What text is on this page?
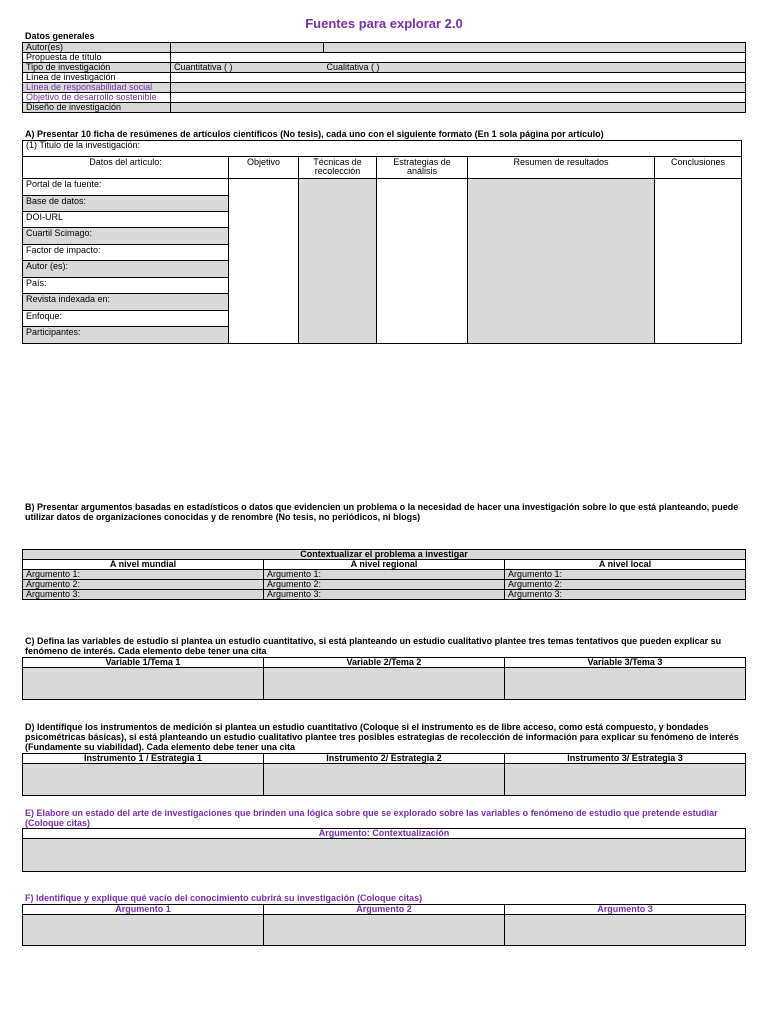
Fuentes para explorar 2.0
Datos generales
Autor(es)		
Propuesta de título		
Tipo de investigación	Cuantitativa ( )	Cualitativa ( )
Línea de investigación		
Línea de responsabilidad social		
Objetivo de desarrollo sostenible		
Diseño de investigación		
A) Presentar 10 ficha de resúmenes de artículos científicos (No tesis), cada uno con el siguiente formato (En 1 sola página por artículo)
(1) Titulo de la investigación:					
Datos del artículo:	Objetivo	Técnicas de recolección	Estrategias de análisis	Resumen de resultados	Conclusiones
Portal de la fuente:					
Base de datos:					
DOI-URL					
Cuartil Scimago:					
Factor de impacto:					
Autor (es):					
País:					
Revista indexada en:					
Enfoque:					
Participantes:					
B) Presentar argumentos basadas en estadísticos o datos que evidencien un problema o la necesidad de hacer una investigación sobre lo que está planteando, puede utilizar datos de organizaciones conocidas y de renombre (No tesis, no periódicos, ni blogs)
Contextualizar el problema a investigar		
A nivel mundial	A nivel regional	A nivel local
Argumento 1:	Argumento 1:	Argumento 1:
Argumento 2:	Argumento 2:	Argumento 2:
Argumento 3:	Argumento 3:	Argumento 3:
C) Defina las variables de estudio si plantea un estudio cuantitativo, si está planteando un estudio cualitativo plantee tres temas tentativos que pueden explicar su fenómeno de interés. Cada elemento debe tener una cita
Variable 1/Tema 1	Variable 2/Tema 2	Variable 3/Tema 3

D) Identifique los instrumentos de medición si plantea un estudio cuantitativo (Coloque si el instrumento es de libre acceso, como está compuesto, y bondades psicométricas básicas), si está planteando un estudio cualitativo plantee tres posibles estrategias de recolección de información para explicar su fenómeno de interés (Fundamente su viabilidad). Cada elemento debe tener una cita
Instrumento 1 / Estrategia 1	Instrumento 2/ Estrategia 2	Instrumento 3/ Estrategia 3

E) Elabore un estado del arte de investigaciones que brinden una lógica sobre que se explorado sobre las variables o fenómeno de estudio que pretende estudiar (Coloque citas)
Argumento: Contextualización

F) Identifique y explique qué vacío del conocimiento cubrirá su investigación (Coloque citas)
Argumento 1	Argumento 2	Argumento 3
